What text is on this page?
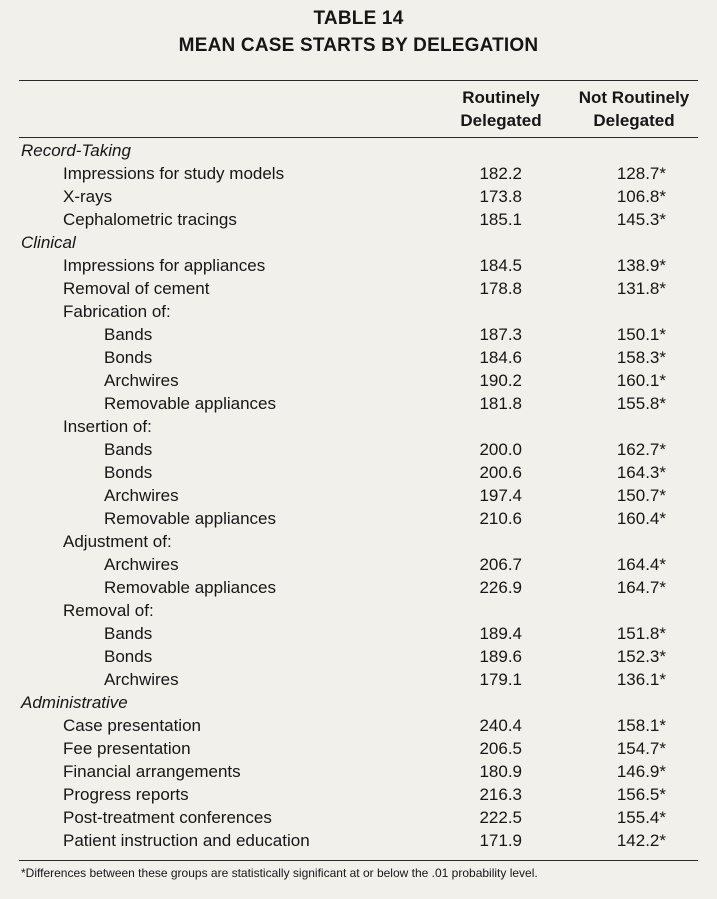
TABLE 14
MEAN CASE STARTS BY DELEGATION
Routinely
Delegated
Not Routinely
Delegated
Record-Taking
Impressions for study models	182.2	128.7*
X-rays	173.8	106.8*
Cephalometric tracings	185.1	145.3*
Clinical
Impressions for appliances	184.5	138.9*
Removal of cement	178.8	131.8*
Fabrication of:
Bands	187.3	150.1*
Bonds	184.6	158.3*
Archwires	190.2	160.1*
Removable appliances	181.8	155.8*
Insertion of:
Bands	200.0	162.7*
Bonds	200.6	164.3*
Archwires	197.4	150.7*
Removable appliances	210.6	160.4*
Adjustment of:
Archwires	206.7	164.4*
Removable appliances	226.9	164.7*
Removal of:
Bands	189.4	151.8*
Bonds	189.6	152.3*
Archwires	179.1	136.1*
Administrative
Case presentation	240.4	158.1*
Fee presentation	206.5	154.7*
Financial arrangements	180.9	146.9*
Progress reports	216.3	156.5*
Post-treatment conferences	222.5	155.4*
Patient instruction and education	171.9	142.2*
*Differences between these groups are statistically significant at or below the .01 probability level.
